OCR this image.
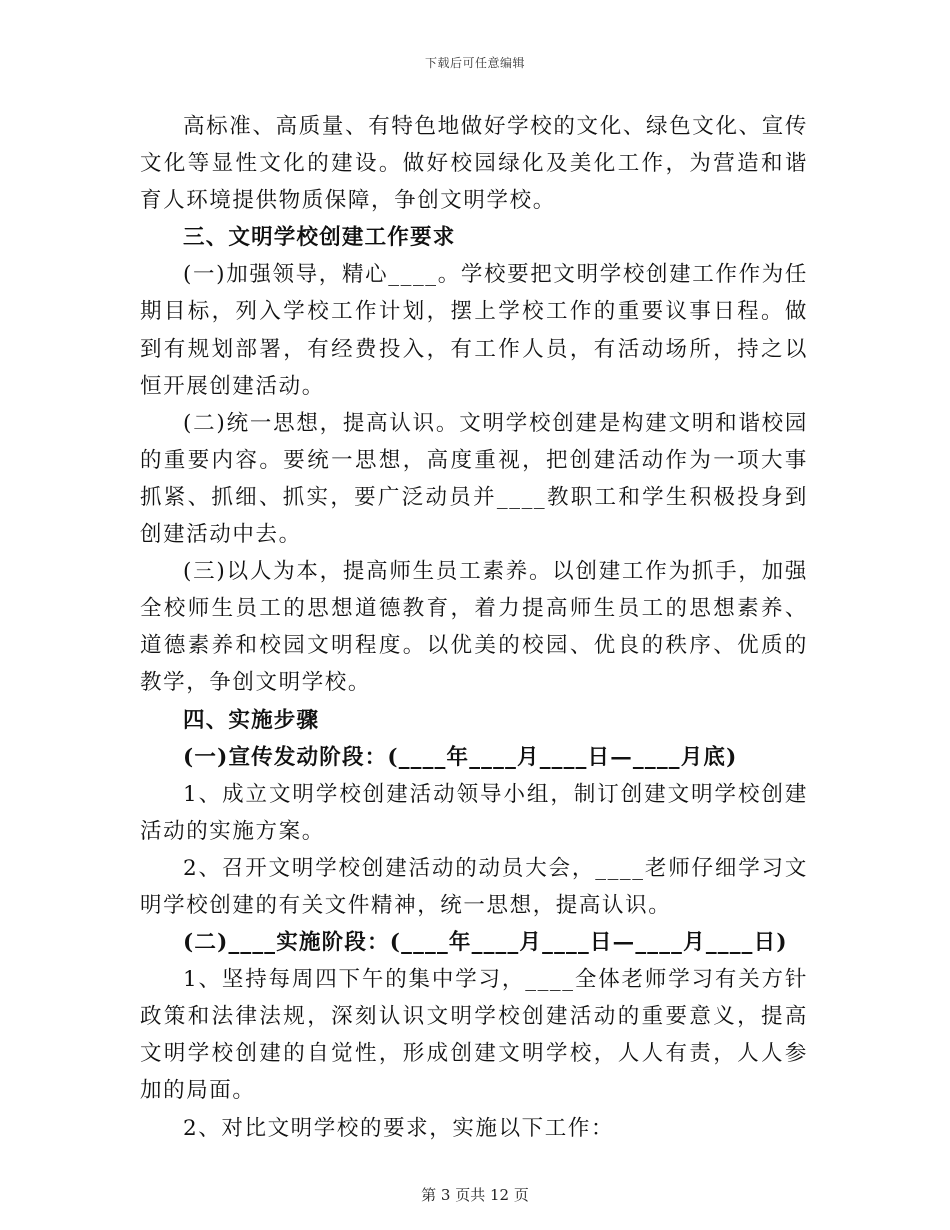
下载后可任意编辑

高标准、高质量、有特色地做好学校的文化、绿色文化、宣传文化等显性文化的建设。做好校园绿化及美化工作，为营造和谐育人环境提供物质保障，争创文明学校。

三、文明学校创建工作要求

(一)加强领导，精心____。学校要把文明学校创建工作作为任期目标，列入学校工作计划，摆上学校工作的重要议事日程。做到有规划部署，有经费投入，有工作人员，有活动场所，持之以恒开展创建活动。

(二)统一思想，提高认识。文明学校创建是构建文明和谐校园的重要内容。要统一思想，高度重视，把创建活动作为一项大事抓紧、抓细、抓实，要广泛动员并____教职工和学生积极投身到创建活动中去。

(三)以人为本，提高师生员工素养。以创建工作为抓手，加强全校师生员工的思想道德教育，着力提高师生员工的思想素养、道德素养和校园文明程度。以优美的校园、优良的秩序、优质的教学，争创文明学校。

四、实施步骤

(一)宣传发动阶段：(____年____月____日—____月底)

1、成立文明学校创建活动领导小组，制订创建文明学校创建活动的实施方案。

2、召开文明学校创建活动的动员大会，____老师仔细学习文明学校创建的有关文件精神，统一思想，提高认识。

(二)____实施阶段：(____年____月____日—____月____日)

1、坚持每周四下午的集中学习，____全体老师学习有关方针政策和法律法规，深刻认识文明学校创建活动的重要意义，提高文明学校创建的自觉性，形成创建文明学校，人人有责，人人参加的局面。

2、对比文明学校的要求，实施以下工作：

第 3 页共 12 页
